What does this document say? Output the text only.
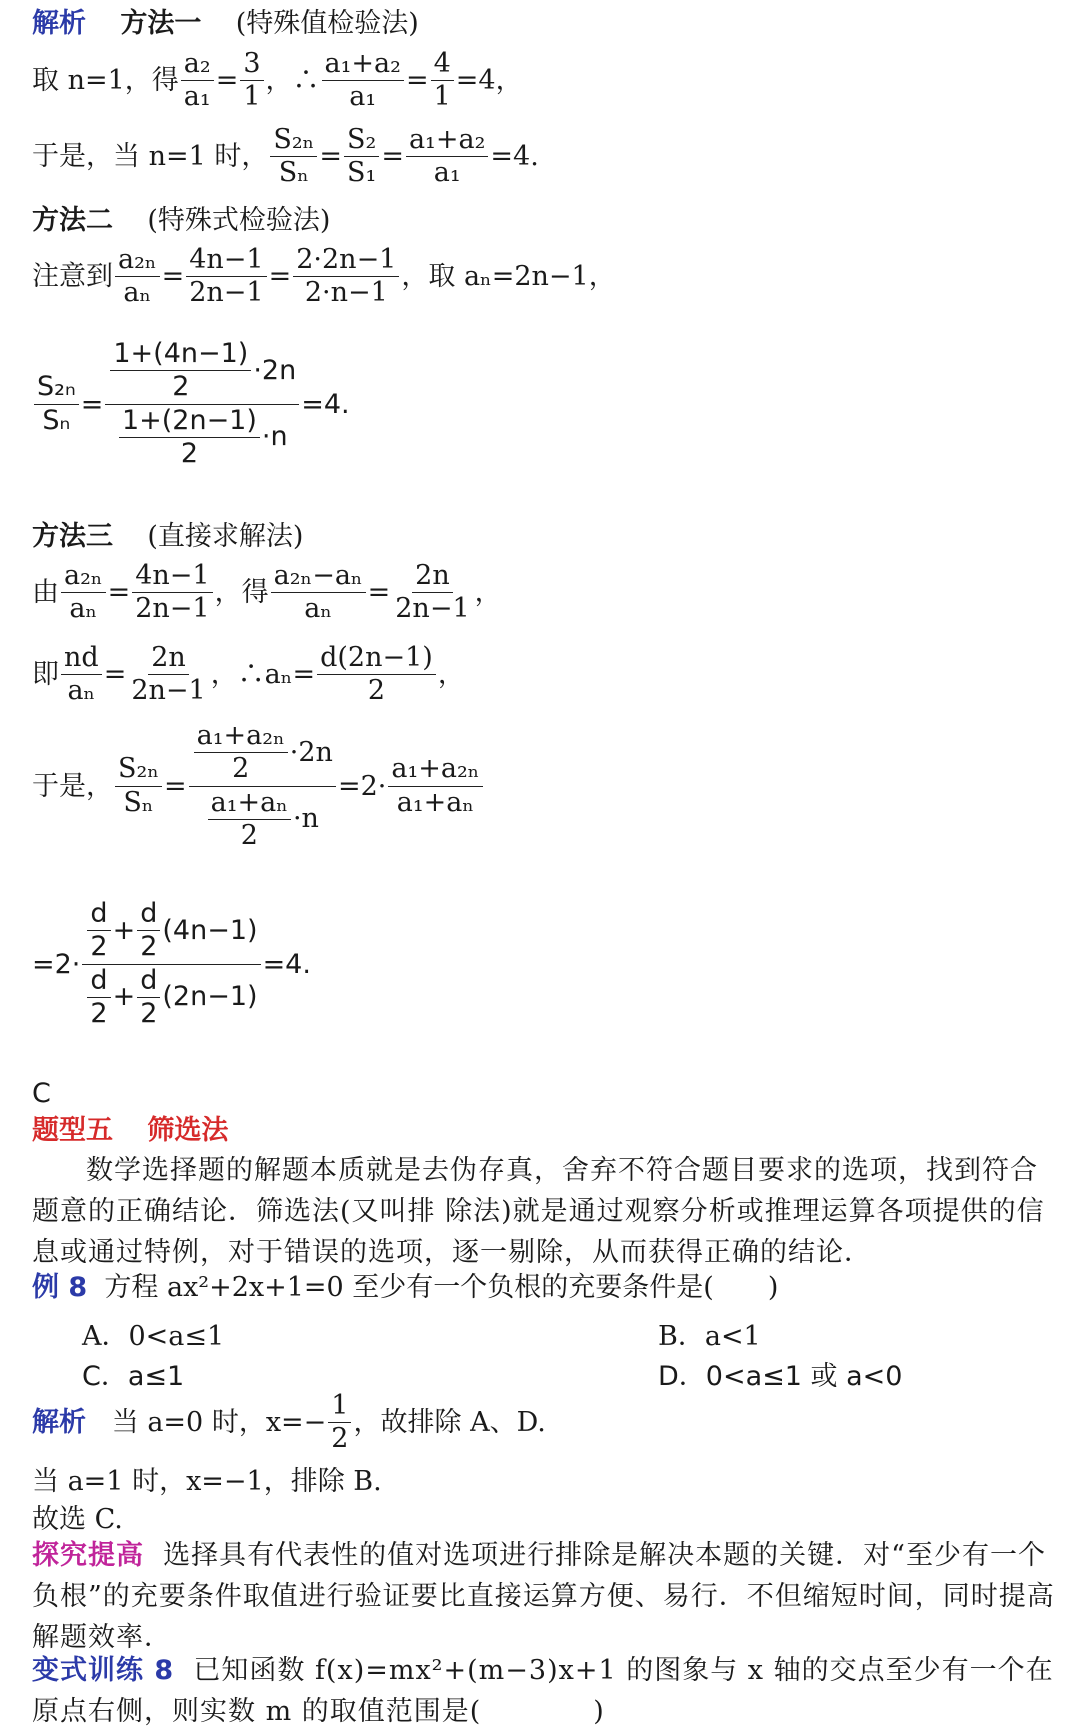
解析 方法一 (特殊值检验法)
取 n=1，得 $\frac{\text{a₂}}{\text{a₁}} = \frac{3}{1}$ ，∴ $\frac{\text{a₁+a₂}}{\text{a₁}} = \frac{4}{1} =4$，
于是，当 n=1 时， $\frac{\text{S₂ₙ}}{\text{Sₙ}} = \frac{\text{S₂}}{\text{S₁}} = \frac{\text{a₁+a₂}}{\text{a₁}} =4$.
方法二 (特殊式检验法)
注意到 $\frac{\text{a₂ₙ}}{\text{aₙ}} = \frac{4n-1}{2n-1} = \frac{2\cdot 2n-1}{2\cdot n-1}$ ，取 aₙ=2n−1，
$\frac{\text{S₂ₙ}}{\text{Sₙ}} = \frac{\frac{1+(4n-1)}{2} \cdot 2n}{\frac{1+(2n-1)}{2} \cdot n} =4$.
方法三 (直接求解法)
由 $\frac{\text{a₂ₙ}}{\text{aₙ}} = \frac{4n-1}{2n-1}$ ，得 $\frac{\text{a₂ₙ−aₙ}}{\text{aₙ}} = \frac{2n}{2n-1}$ ，
即 $\frac{nd}{\text{aₙ}} = \frac{2n}{2n-1}$ ，∴aₙ= $\frac{d(2n-1)}{2}$ ，
于是， $\frac{\text{S₂ₙ}}{\text{Sₙ}} = \frac{\frac{\text{a₁+a₂ₙ}}{2} \cdot 2n}{\frac{\text{a₁+aₙ}}{2} \cdot n} =2\cdot \frac{\text{a₁+a₂ₙ}}{\text{a₁+aₙ}}$
$=2\cdot \frac{\frac{d}{2} + \frac{d}{2} (4n-1)}{\frac{d}{2} + \frac{d}{2} (2n-1)} =4$.
C
题型五 筛选法
数学选择题的解题本质就是去伪存真，舍弃不符合题目要求的选项，找到符合题意的正确结论．筛选法(又叫排 除法)就是通过观察分析或推理运算各项提供的信息或通过特例，对于错误的选项，逐一剔除，从而获得正确的结论．
例 8 方程 ax²+2x+1=0 至少有一个负根的充要条件是(　　)
A．0<a≤1	B．a<1
C．a≤1	D．0<a≤1 或 a<0
解析
当 a=0 时，$x=- \frac{1}{2}$ ，故排除 A、D.
当 a=1 时，x=−1，排除 B.
故选 C.
探究提高 选择具有代表性的值对选项进行排除是解决本题的关键．对“至少有一个负根”的充要条件取值进行验证要比直接运算方便、易行．不但缩短时间，同时提高解题效率．
变式训练 8 已知函数 f(x)=mx²+(m−3)x+1 的图象与 x 轴的交点至少有一个在原点右侧，则实数 m 的取值范围是(　　　　)
